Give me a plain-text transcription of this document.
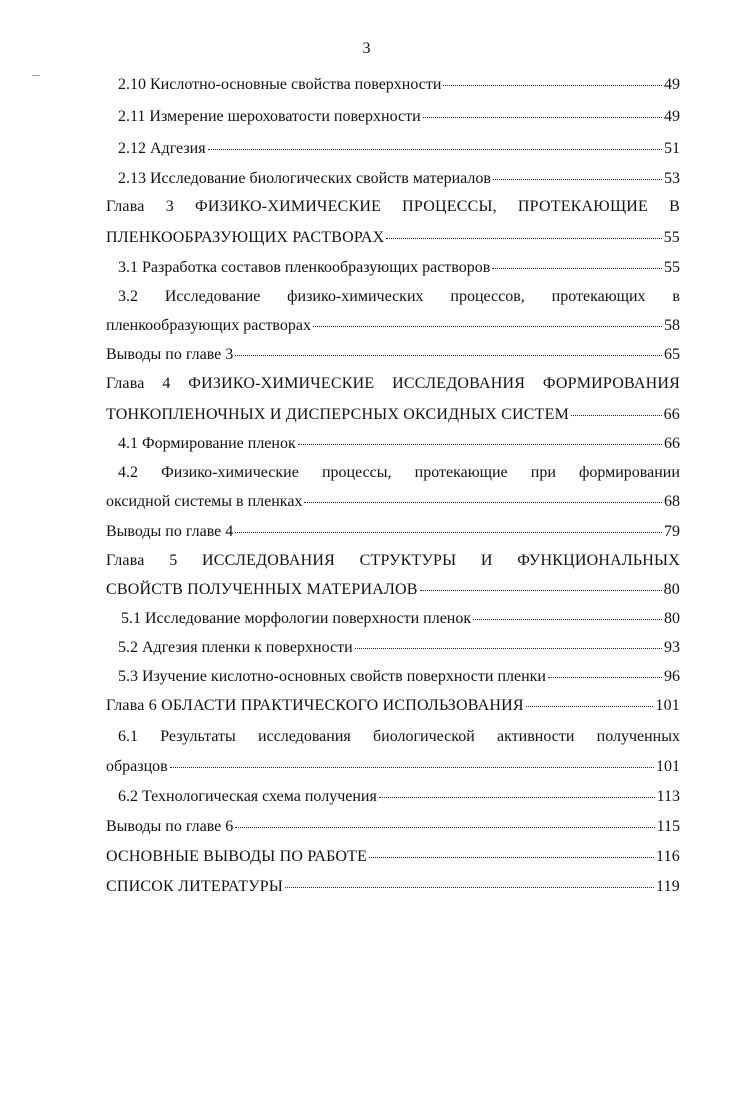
3
2.10 Кислотно-основные свойства поверхности	49
2.11 Измерение шероховатости поверхности	49
2.12 Адгезия	51
2.13 Исследование биологических свойств материалов	53
Глава 3 ФИЗИКО-ХИМИЧЕСКИЕ ПРОЦЕССЫ, ПРОТЕКАЮЩИЕ В
ПЛЕНКООБРАЗУЮЩИХ РАСТВОРАХ	55
3.1 Разработка составов пленкообразующих растворов	55
3.2 Исследование физико-химических процессов, протекающих в
пленкообразующих растворах	58
Выводы по главе 3	65
Глава 4 ФИЗИКО-ХИМИЧЕСКИЕ ИССЛЕДОВАНИЯ ФОРМИРОВАНИЯ
ТОНКОПЛЕНОЧНЫХ И ДИСПЕРСНЫХ ОКСИДНЫХ СИСТЕМ	66
4.1 Формирование пленок	66
4.2 Физико-химические процессы, протекающие при формировании
оксидной системы в пленках	68
Выводы по главе 4	79
Глава 5 ИССЛЕДОВАНИЯ СТРУКТУРЫ И ФУНКЦИОНАЛЬНЫХ
СВОЙСТВ ПОЛУЧЕННЫХ МАТЕРИАЛОВ	80
5.1 Исследование морфологии поверхности пленок	80
5.2 Адгезия пленки к поверхности	93
5.3 Изучение кислотно-основных свойств поверхности пленки	96
Глава 6 ОБЛАСТИ ПРАКТИЧЕСКОГО ИСПОЛЬЗОВАНИЯ	101
6.1 Результаты исследования биологической активности полученных
образцов	101
6.2 Технологическая схема получения	113
Выводы по главе 6	115
ОСНОВНЫЕ ВЫВОДЫ ПО РАБОТЕ	116
СПИСОК ЛИТЕРАТУРЫ	119
